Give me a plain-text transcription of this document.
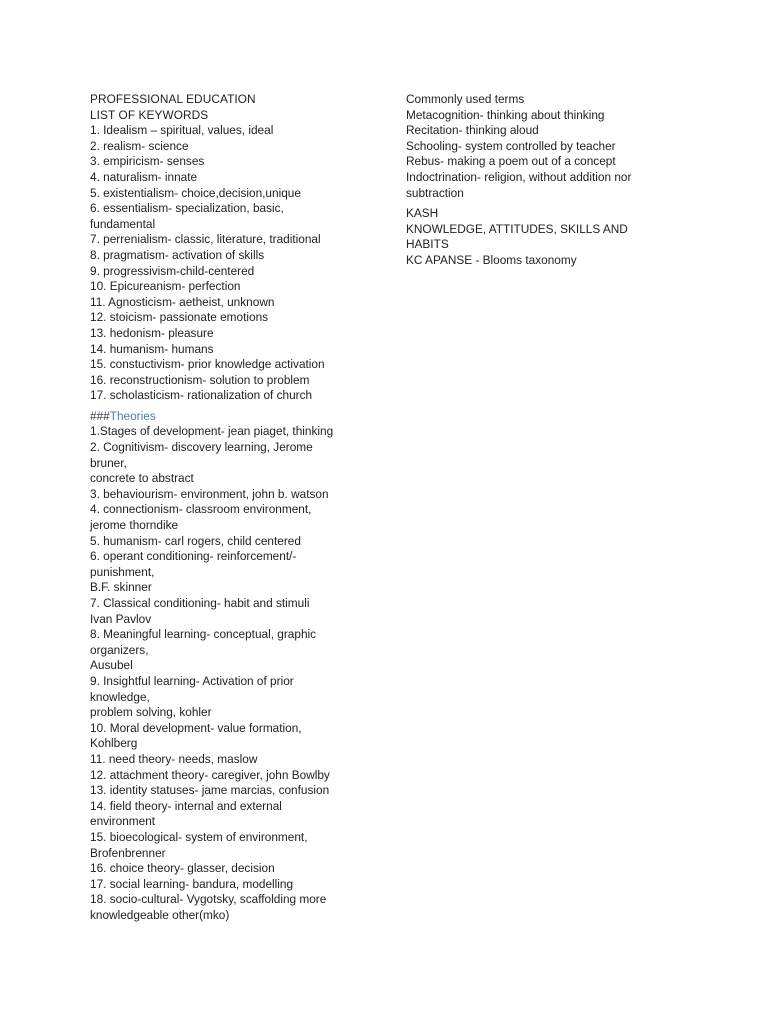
PROFESSIONAL EDUCATION
LIST OF KEYWORDS
1. Idealism – spiritual, values, ideal
2. realism- science
3. empiricism- senses
4. naturalism- innate
5. existentialism- choice,decision,unique
6. essentialism- specialization, basic,
fundamental
7. perrenialism- classic, literature, traditional
8. pragmatism- activation of skills
9. progressivism-child-centered
10. Epicureanism- perfection
11. Agnosticism- aetheist, unknown
12. stoicism- passionate emotions
13. hedonism- pleasure
14. humanism- humans
15. constuctivism- prior knowledge activation
16. reconstructionism- solution to problem
17. scholasticism- rationalization of church
###Theories
1.Stages of development- jean piaget, thinking
2. Cognitivism- discovery learning, Jerome
bruner,
concrete to abstract
3. behaviourism- environment, john b. watson
4. connectionism- classroom environment,
jerome thorndike
5. humanism- carl rogers, child centered
6. operant conditioning- reinforcement/-
punishment,
B.F. skinner
7. Classical conditioning- habit and stimuli
Ivan Pavlov
8. Meaningful learning- conceptual, graphic
organizers,
Ausubel
9. Insightful learning- Activation of prior
knowledge,
problem solving, kohler
10. Moral development- value formation,
Kohlberg
11. need theory- needs, maslow
12. attachment theory- caregiver, john Bowlby
13. identity statuses- jame marcias, confusion
14. field theory- internal and external
environment
15. bioecological- system of environment,
Brofenbrenner
16. choice theory- glasser, decision
17. social learning- bandura, modelling
18. socio-cultural- Vygotsky, scaffolding more
knowledgeable other(mko)
Commonly used terms
Metacognition- thinking about thinking
Recitation- thinking aloud
Schooling- system controlled by teacher
Rebus- making a poem out of a concept
Indoctrination- religion, without addition nor
subtraction
KASH
KNOWLEDGE, ATTITUDES, SKILLS AND
HABITS
KC APANSE - Blooms taxonomy
